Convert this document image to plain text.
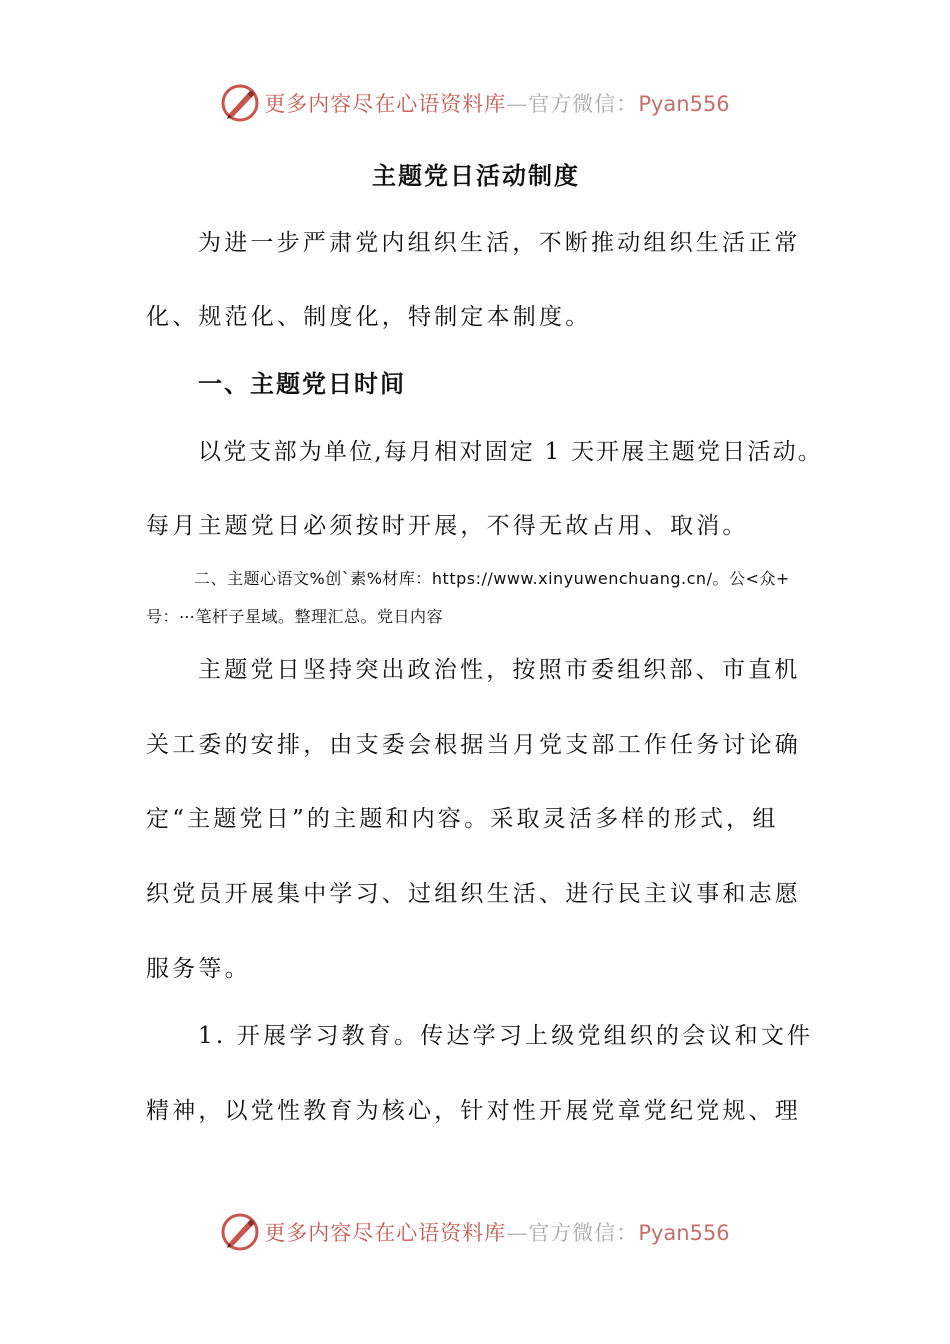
更多内容尽在心语资料库—官方微信：Pyan556
主题党日活动制度
为进一步严肃党内组织生活，不断推动组织生活正常
化、规范化、制度化，特制定本制度。
一、主题党日时间
以党支部为单位,每月相对固定 1 天开展主题党日活动。
每月主题党日必须按时开展，不得无故占用、取消。
二、主题心语文%创`素%材库：https://www.xinyuwenchuang.cn/。公<众+
号：⋯笔杆子星域。整理汇总。党日内容
主题党日坚持突出政治性，按照市委组织部、市直机
关工委的安排，由支委会根据当月党支部工作任务讨论确
定“主题党日”的主题和内容。采取灵活多样的形式，组
织党员开展集中学习、过组织生活、进行民主议事和志愿
服务等。
1. 开展学习教育。传达学习上级党组织的会议和文件
精神，以党性教育为核心，针对性开展党章党纪党规、理
更多内容尽在心语资料库—官方微信：Pyan556
